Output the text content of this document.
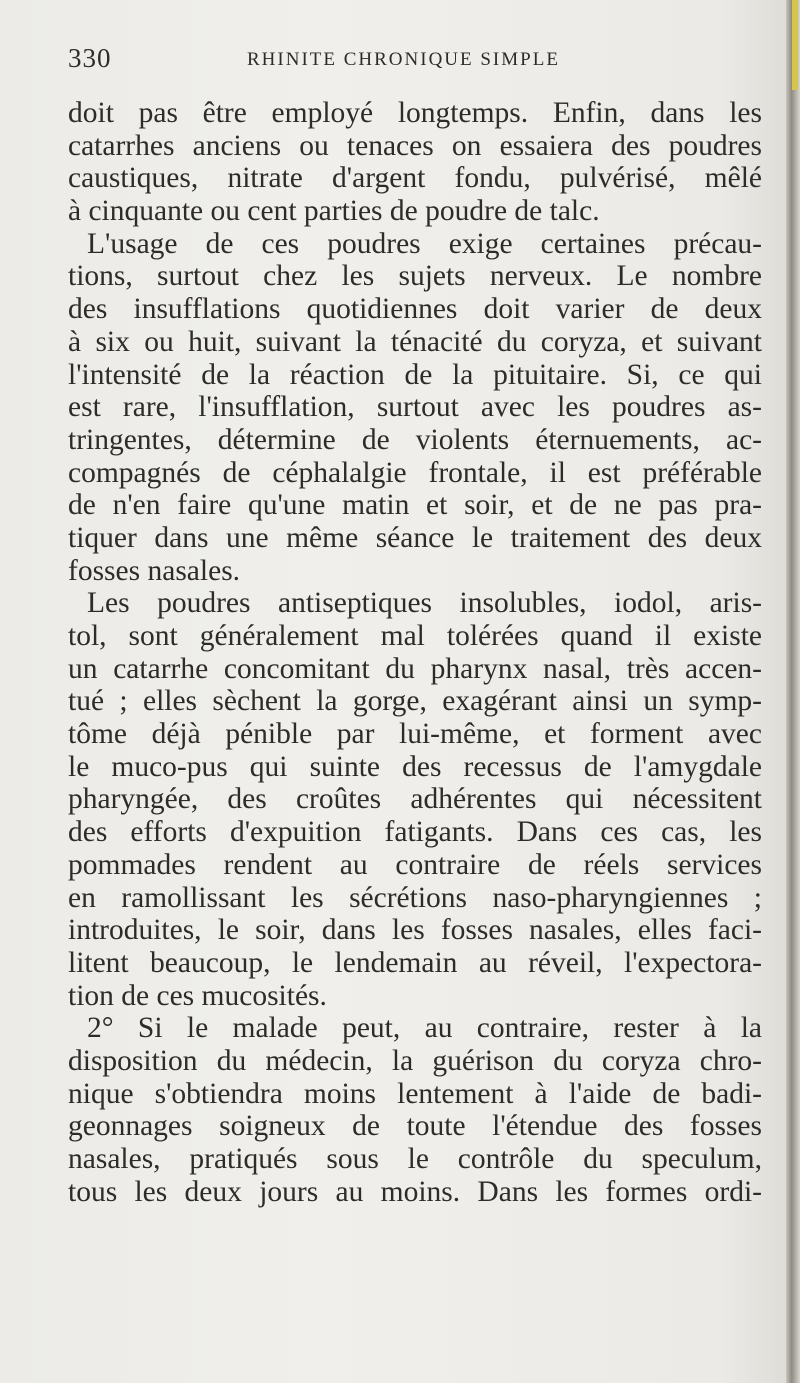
330	RHINITE CHRONIQUE SIMPLE
doit pas être employé longtemps. Enfin, dans les
catarrhes anciens ou tenaces on essaiera des poudres
caustiques, nitrate d'argent fondu, pulvérisé, mêlé
à cinquante ou cent parties de poudre de talc.
L'usage de ces poudres exige certaines précau-
tions, surtout chez les sujets nerveux. Le nombre
des insufflations quotidiennes doit varier de deux
à six ou huit, suivant la ténacité du coryza, et suivant
l'intensité de la réaction de la pituitaire. Si, ce qui
est rare, l'insufflation, surtout avec les poudres as-
tringentes, détermine de violents éternuements, ac-
compagnés de céphalalgie frontale, il est préférable
de n'en faire qu'une matin et soir, et de ne pas pra-
tiquer dans une même séance le traitement des deux
fosses nasales.
Les poudres antiseptiques insolubles, iodol, aris-
tol, sont généralement mal tolérées quand il existe
un catarrhe concomitant du pharynx nasal, très accen-
tué ; elles sèchent la gorge, exagérant ainsi un symp-
tôme déjà pénible par lui-même, et forment avec
le muco-pus qui suinte des recessus de l'amygdale
pharyngée, des croûtes adhérentes qui nécessitent
des efforts d'expuition fatigants. Dans ces cas, les
pommades rendent au contraire de réels services
en ramollissant les sécrétions naso-pharyngiennes ;
introduites, le soir, dans les fosses nasales, elles faci-
litent beaucoup, le lendemain au réveil, l'expectora-
tion de ces mucosités.
2° Si le malade peut, au contraire, rester à la
disposition du médecin, la guérison du coryza chro-
nique s'obtiendra moins lentement à l'aide de badi-
geonnages soigneux de toute l'étendue des fosses
nasales, pratiqués sous le contrôle du speculum,
tous les deux jours au moins. Dans les formes ordi-
